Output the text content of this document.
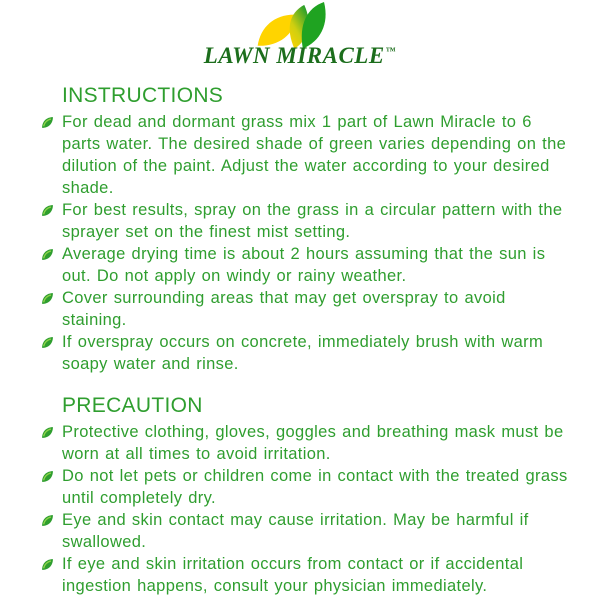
LAWN MIRACLE™
INSTRUCTIONS
For dead and dormant grass mix 1 part of Lawn Miracle to 6 parts water. The desired shade of green varies depending on the dilution of the paint. Adjust the water according to your desired shade.
For best results, spray on the grass in a circular pattern with the sprayer set on the finest mist setting.
Average drying time is about 2 hours assuming that the sun is out. Do not apply on windy or rainy weather.
Cover surrounding areas that may get overspray to avoid staining.
If overspray occurs on concrete, immediately brush with warm soapy water and rinse.
PRECAUTION
Protective clothing, gloves, goggles and breathing mask must be worn at all times to avoid irritation.
Do not let pets or children come in contact with the treated grass until completely dry.
Eye and skin contact may cause irritation. May be harmful if swallowed.
If eye and skin irritation occurs from contact or if accidental ingestion happens, consult your physician immediately.
